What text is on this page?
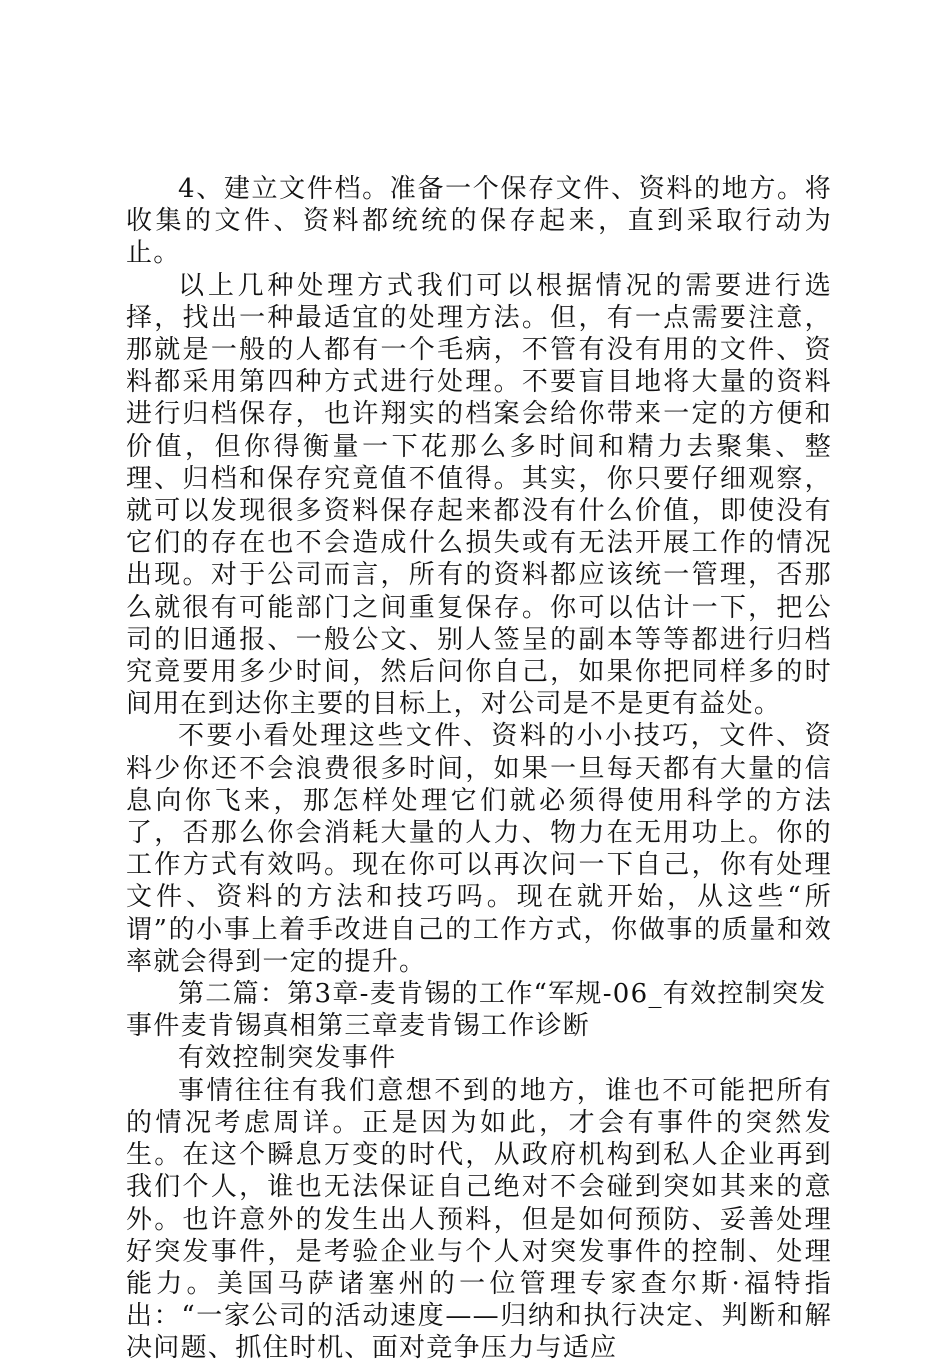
4、建立文件档。准备一个保存文件、资料的地方。将收集的文件、资料都统统的保存起来，直到采取行动为止。

以上几种处理方式我们可以根据情况的需要进行选择，找出一种最适宜的处理方法。但，有一点需要注意，那就是一般的人都有一个毛病，不管有没有用的文件、资料都采用第四种方式进行处理。不要盲目地将大量的资料进行归档保存，也许翔实的档案会给你带来一定的方便和价值，但你得衡量一下花那么多时间和精力去聚集、整理、归档和保存究竟值不值得。其实，你只要仔细观察，就可以发现很多资料保存起来都没有什么价值，即使没有它们的存在也不会造成什么损失或有无法开展工作的情况出现。对于公司而言，所有的资料都应该统一管理，否那么就很有可能部门之间重复保存。你可以估计一下，把公司的旧通报、一般公文、别人签呈的副本等等都进行归档究竟要用多少时间，然后问你自己，如果你把同样多的时间用在到达你主要的目标上，对公司是不是更有益处。

不要小看处理这些文件、资料的小小技巧，文件、资料少你还不会浪费很多时间，如果一旦每天都有大量的信息向你飞来，那怎样处理它们就必须得使用科学的方法了，否那么你会消耗大量的人力、物力在无用功上。你的工作方式有效吗。现在你可以再次问一下自己，你有处理文件、资料的方法和技巧吗。现在就开始，从这些“所谓”的小事上着手改进自己的工作方式，你做事的质量和效率就会得到一定的提升。

第二篇：第3章-麦肯锡的工作“军规-06_有效控制突发事件麦肯锡真相第三章麦肯锡工作诊断

有效控制突发事件

事情往往有我们意想不到的地方，谁也不可能把所有的情况考虑周详。正是因为如此，才会有事件的突然发生。在这个瞬息万变的时代，从政府机构到私人企业再到我们个人，谁也无法保证自己绝对不会碰到突如其来的意外。也许意外的发生出人预料，但是如何预防、妥善处理好突发事件，是考验企业与个人对突发事件的控制、处理能力。美国马萨诸塞州的一位管理专家查尔斯·福特指出：“一家公司的活动速度——归纳和执行决定、判断和解决问题、抓住时机、面对竞争压力与适应
